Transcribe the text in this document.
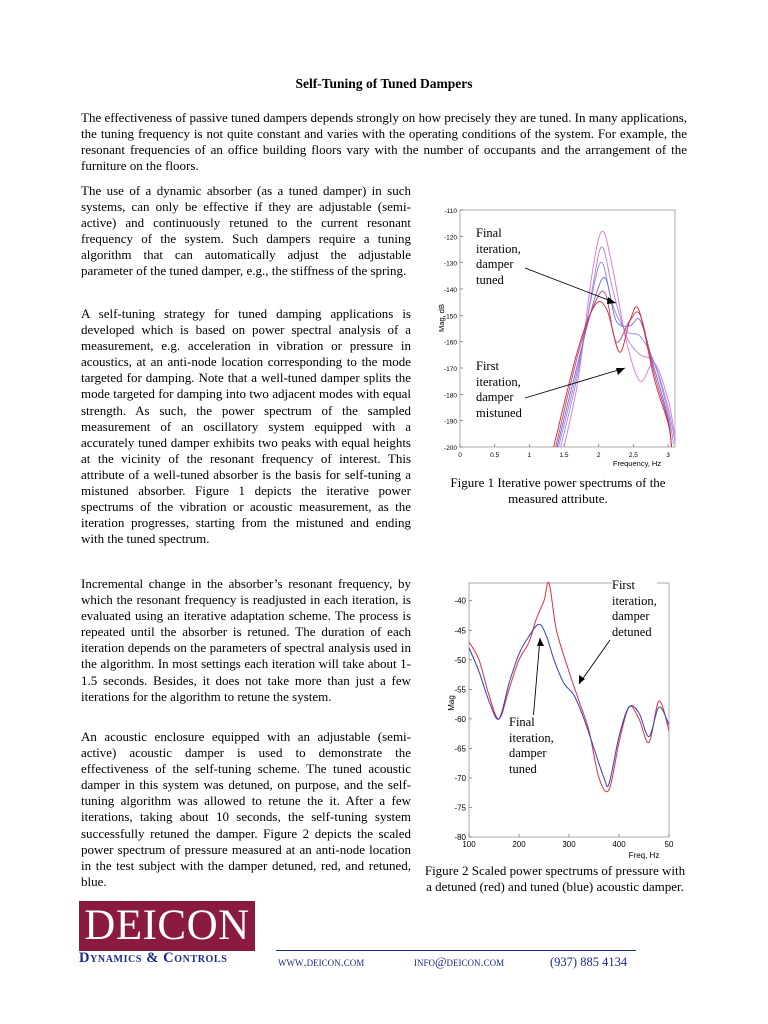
Self-Tuning of Tuned Dampers
The effectiveness of passive tuned dampers depends strongly on how precisely they are tuned. In many applications, the tuning frequency is not quite constant and varies with the operating conditions of the system. For example, the resonant frequencies of an office building floors vary with the number of occupants and the arrangement of the furniture on the floors.
The use of a dynamic absorber (as a tuned damper) in such systems, can only be effective if they are adjustable (semi-active) and continuously retuned to the current resonant frequency of the system. Such dampers require a tuning algorithm that can automatically adjust the adjustable parameter of the tuned damper, e.g., the stiffness of the spring.
A self-tuning strategy for tuned damping applications is developed which is based on power spectral analysis of a measurement, e.g. acceleration in vibration or pressure in acoustics, at an anti-node location corresponding to the mode targeted for damping. Note that a well-tuned damper splits the mode targeted for damping into two adjacent modes with equal strength. As such, the power spectrum of the sampled measurement of an oscillatory system equipped with a accurately tuned damper exhibits two peaks with equal heights at the vicinity of the resonant frequency of interest. This attribute of a well-tuned absorber is the basis for self-tuning a mistuned absorber. Figure 1 depicts the iterative power spectrums of the vibration or acoustic measurement, as the iteration progresses, starting from the mistuned and ending with the tuned spectrum.
Incremental change in the absorber’s resonant frequency, by which the resonant frequency is readjusted in each iteration, is evaluated using an iterative adaptation scheme. The process is repeated until the absorber is retuned. The duration of each iteration depends on the parameters of spectral analysis used in the algorithm. In most settings each iteration will take about 1-1.5 seconds. Besides, it does not take more than just a few iterations for the algorithm to retune the system.
An acoustic enclosure equipped with an adjustable (semi-active) acoustic damper is used to demonstrate the effectiveness of the self-tuning scheme. The tuned acoustic damper in this system was detuned, on purpose, and the self-tuning algorithm was allowed to retune the it. After a few iterations, taking about 10 seconds, the self-tuning system successfully retuned the damper. Figure 2 depicts the scaled power spectrum of pressure measured at an anti-node location in the test subject with the damper detuned, red, and retuned, blue.
-110
-120
-130
-140
-150
-160
-170
-180
-190
-200
0	0.5	1	1.5	2	2.5	3
Mag, dB
Frequency, Hz
Final
iteration,
damper
tuned
First
iteration,
damper
mistuned
Figure 1 Iterative power spectrums of the measured attribute.
-40
-45
-50
-55
-60
-65
-70
-75
-80
100	200	300	400	50
Mag
Freq, Hz
First
iteration,
damper
detuned
Final
iteration,
damper
tuned
Figure 2 Scaled power spectrums of pressure with a detuned (red) and tuned (blue) acoustic damper.
DEICON
Dynamics & Controls	www.deicon.com	info@deicon.com	(937) 885 4134
